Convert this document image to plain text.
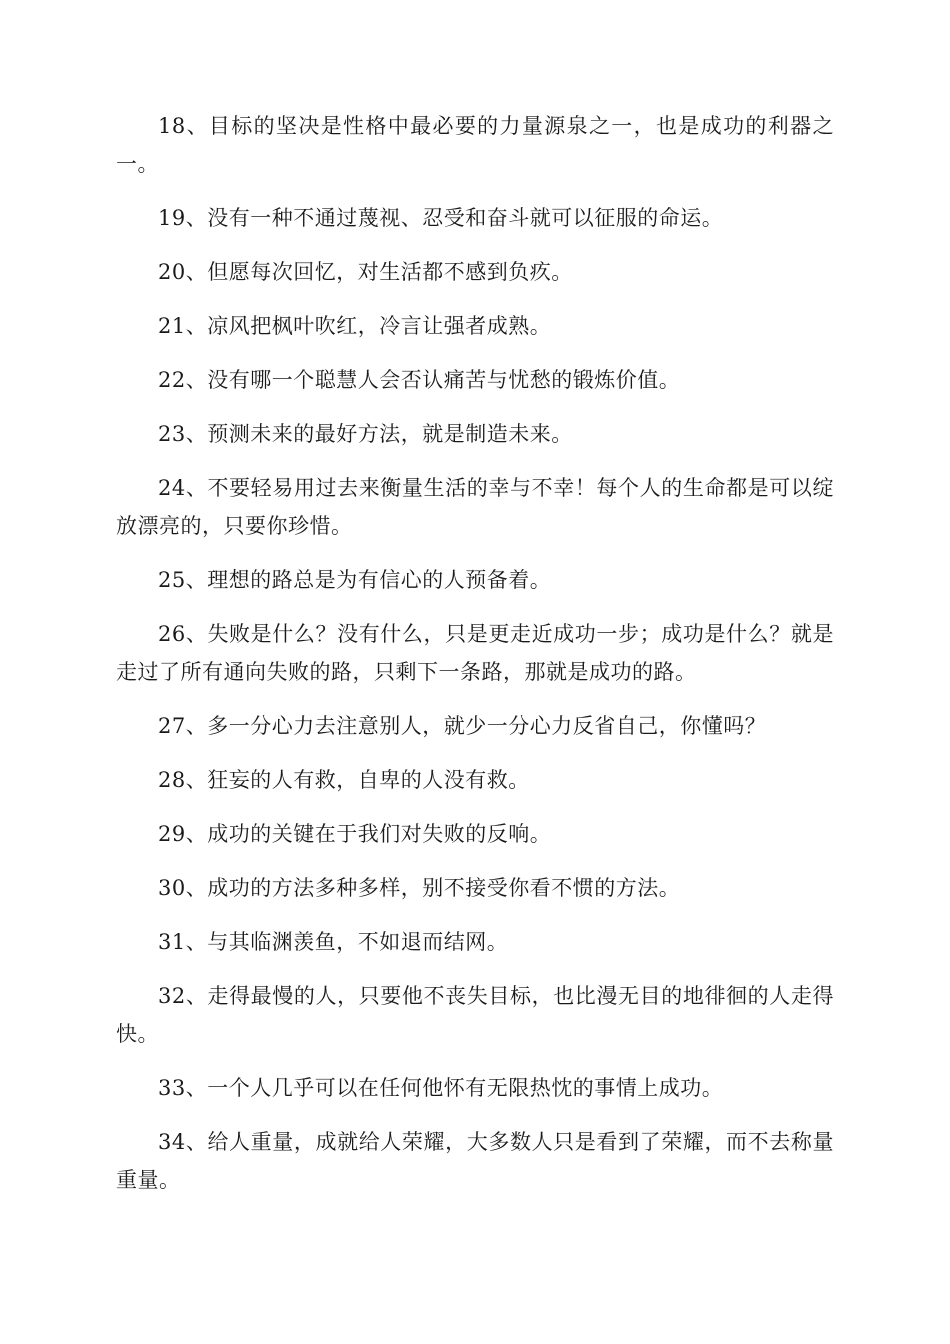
18、目标的坚决是性格中最必要的力量源泉之一，也是成功的利器之一。

19、没有一种不通过蔑视、忍受和奋斗就可以征服的命运。

20、但愿每次回忆，对生活都不感到负疚。

21、凉风把枫叶吹红，冷言让强者成熟。

22、没有哪一个聪慧人会否认痛苦与忧愁的锻炼价值。

23、预测未来的最好方法，就是制造未来。

24、不要轻易用过去来衡量生活的幸与不幸！每个人的生命都是可以绽放漂亮的，只要你珍惜。

25、理想的路总是为有信心的人预备着。

26、失败是什么？没有什么，只是更走近成功一步；成功是什么？就是走过了所有通向失败的路，只剩下一条路，那就是成功的路。

27、多一分心力去注意别人，就少一分心力反省自己，你懂吗？

28、狂妄的人有救，自卑的人没有救。

29、成功的关键在于我们对失败的反响。

30、成功的方法多种多样，别不接受你看不惯的方法。

31、与其临渊羡鱼，不如退而结网。

32、走得最慢的人，只要他不丧失目标，也比漫无目的地徘徊的人走得快。

33、一个人几乎可以在任何他怀有无限热忱的事情上成功。

34、给人重量，成就给人荣耀，大多数人只是看到了荣耀，而不去称量重量。
